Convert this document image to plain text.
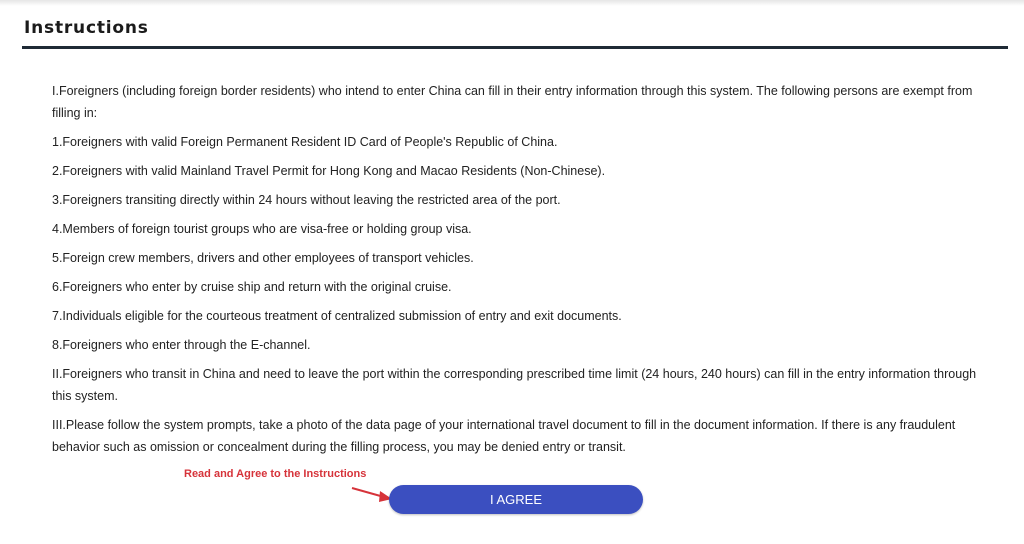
Instructions

I.Foreigners (including foreign border residents) who intend to enter China can fill in their entry information through this system. The following persons are exempt from filling in:

1.Foreigners with valid Foreign Permanent Resident ID Card of People's Republic of China.

2.Foreigners with valid Mainland Travel Permit for Hong Kong and Macao Residents (Non-Chinese).

3.Foreigners transiting directly within 24 hours without leaving the restricted area of the port.

4.Members of foreign tourist groups who are visa-free or holding group visa.

5.Foreign crew members, drivers and other employees of transport vehicles.

6.Foreigners who enter by cruise ship and return with the original cruise.

7.Individuals eligible for the courteous treatment of centralized submission of entry and exit documents.

8.Foreigners who enter through the E-channel.

II.Foreigners who transit in China and need to leave the port within the corresponding prescribed time limit (24 hours, 240 hours) can fill in the entry information through this system.

III.Please follow the system prompts, take a photo of the data page of your international travel document to fill in the document information. If there is any fraudulent behavior such as omission or concealment during the filling process, you may be denied entry or transit.

Read and Agree to the Instructions
I AGREE
